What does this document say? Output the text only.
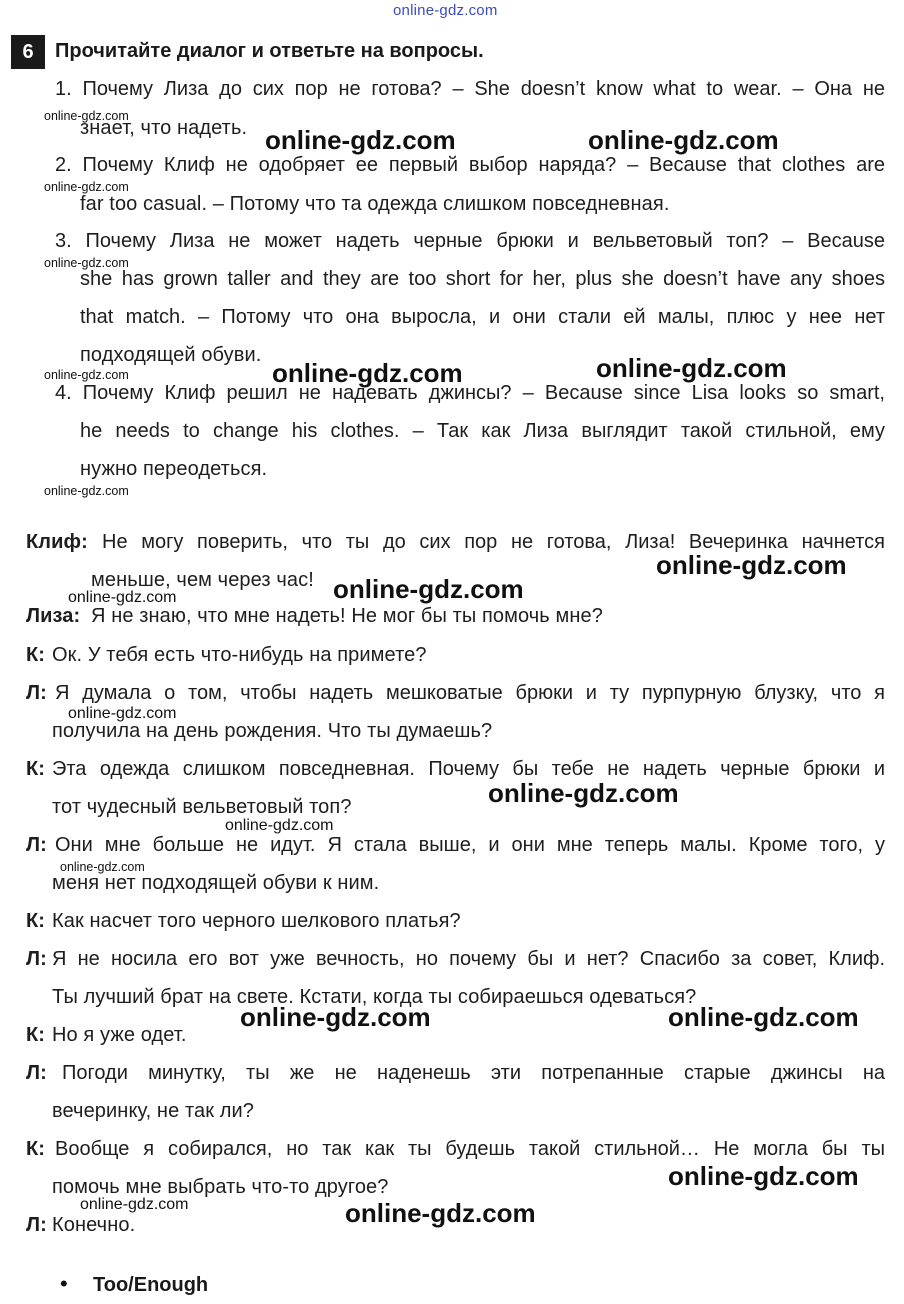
online-gdz.com
6	Прочитайте диалог и ответьте на вопросы.
1. Почему Лиза до сих пор не готова? – She doesn’t know what to wear. – Она не
знает, что надеть.
2. Почему Клиф не одобряет ее первый выбор наряда? – Because that clothes are
far too casual. – Потому что та одежда слишком повседневная.
3. Почему Лиза не может надеть черные брюки и вельветовый топ? – Because
she has grown taller and they are too short for her, plus she doesn’t have any shoes
that match. – Потому что она выросла, и они стали ей малы, плюс у нее нет
подходящей обуви.
4. Почему Клиф решил не надевать джинсы? – Because since Lisa looks so smart,
he needs to change his clothes. – Так как Лиза выглядит такой стильной, ему
нужно переодеться.
Клиф: Не могу поверить, что ты до сих пор не готова, Лиза! Вечеринка начнется
меньше, чем через час!
Лиза: Я не знаю, что мне надеть! Не мог бы ты помочь мне?
К: Ок. У тебя есть что-нибудь на примете?
Л: Я думала о том, чтобы надеть мешковатые брюки и ту пурпурную блузку, что я
получила на день рождения. Что ты думаешь?
К: Эта одежда слишком повседневная. Почему бы тебе не надеть черные брюки и
тот чудесный вельветовый топ?
Л: Они мне больше не идут. Я стала выше, и они мне теперь малы. Кроме того, у
меня нет подходящей обуви к ним.
К: Как насчет того черного шелкового платья?
Л: Я не носила его вот уже вечность, но почему бы и нет? Спасибо за совет, Клиф.
Ты лучший брат на свете. Кстати, когда ты собираешься одеваться?
К: Но я уже одет.
Л: Погоди минутку, ты же не наденешь эти потрепанные старые джинсы на
вечеринку, не так ли?
К: Вообще я собирался, но так как ты будешь такой стильной… Не могла бы ты
помочь мне выбрать что-то другое?
Л: Конечно.
• Too/Enough
online-gdz.com
online-gdz.com
online-gdz.com
online-gdz.com
online-gdz.com
online-gdz.com
online-gdz.com
online-gdz.com
online-gdz.com
online-gdz.com
online-gdz.com	online-gdz.com
online-gdz.com
online-gdz.com
online-gdz.com
online-gdz.com
online-gdz.com
online-gdz.com	online-gdz.com
online-gdz.com
online-gdz.com
